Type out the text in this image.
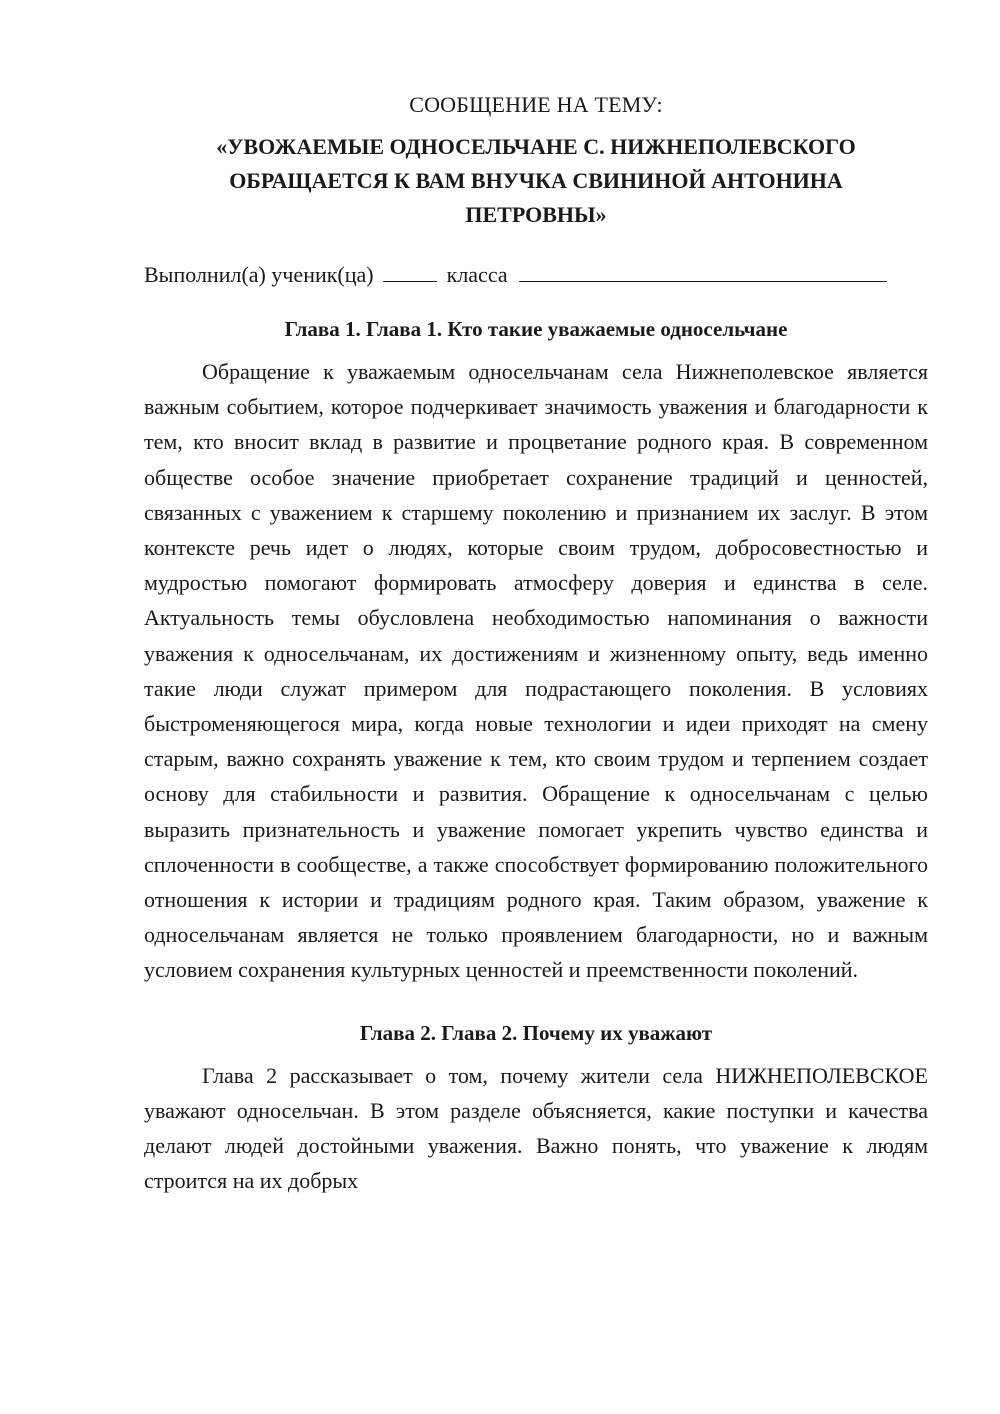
СООБЩЕНИЕ НА ТЕМУ:

«УВОЖАЕМЫЕ ОДНОСЕЛЬЧАНЕ С. НИЖНЕПОЛЕВСКОГО ОБРАЩАЕТСЯ К ВАМ ВНУЧКА СВИНИНОЙ АНТОНИНА ПЕТРОВНЫ»

Выполнил(а) ученик(ца)	класса

Глава 1. Глава 1. Кто такие уважаемые односельчане

Обращение к уважаемым односельчанам села Нижнеполевское является важным событием, которое подчеркивает значимость уважения и благодарности к тем, кто вносит вклад в развитие и процветание родного края. В современном обществе особое значение приобретает сохранение традиций и ценностей, связанных с уважением к старшему поколению и признанием их заслуг. В этом контексте речь идет о людях, которые своим трудом, добросовестностью и мудростью помогают формировать атмосферу доверия и единства в селе. Актуальность темы обусловлена необходимостью напоминания о важности уважения к односельчанам, их достижениям и жизненному опыту, ведь именно такие люди служат примером для подрастающего поколения. В условиях быстроменяющегося мира, когда новые технологии и идеи приходят на смену старым, важно сохранять уважение к тем, кто своим трудом и терпением создает основу для стабильности и развития. Обращение к односельчанам с целью выразить признательность и уважение помогает укрепить чувство единства и сплоченности в сообществе, а также способствует формированию положительного отношения к истории и традициям родного края. Таким образом, уважение к односельчанам является не только проявлением благодарности, но и важным условием сохранения культурных ценностей и преемственности поколений.

Глава 2. Глава 2. Почему их уважают

Глава 2 рассказывает о том, почему жители села НИЖНЕПОЛЕВСКОЕ уважают односельчан. В этом разделе объясняется, какие поступки и качества делают людей достойными уважения. Важно понять, что уважение к людям строится на их добрых
